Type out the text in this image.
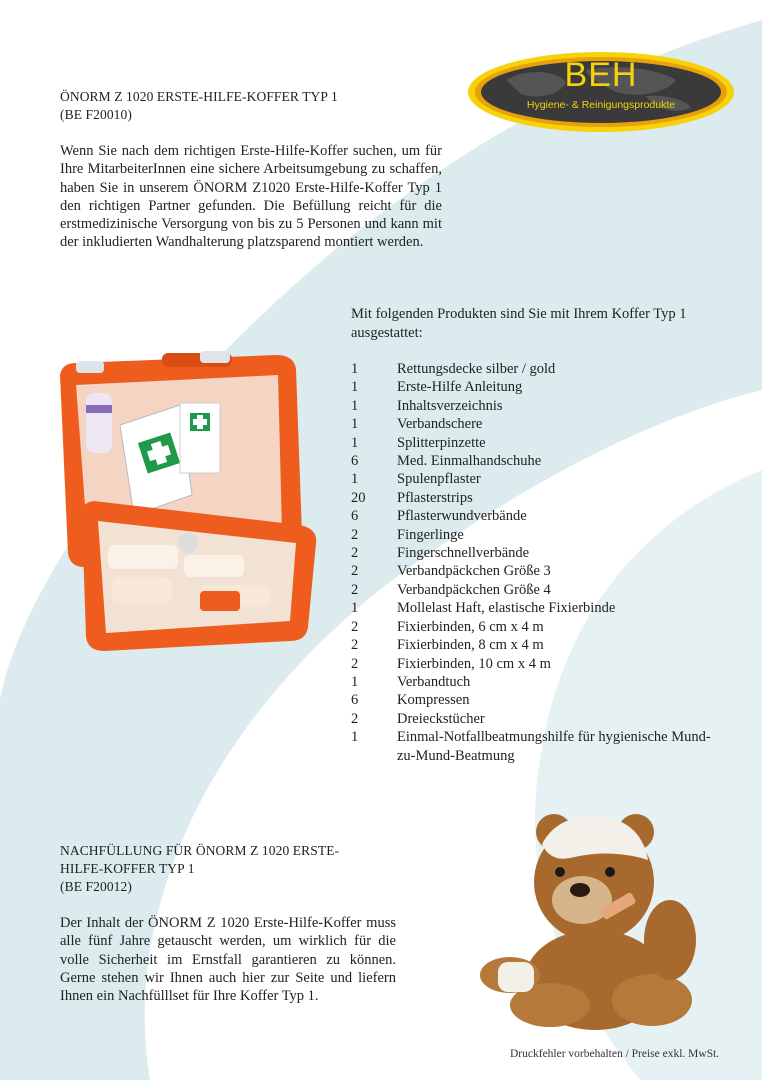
BEH
Hygiene- & Reinigungsprodukte
ÖNORM Z 1020 ERSTE-HILFE-KOFFER TYP 1
(BE F20010)
Wenn Sie nach dem richtigen Erste-Hilfe-Koffer suchen, um für Ihre MitarbeiterInnen eine sichere Arbeitsumgebung zu schaffen, haben Sie in unserem ÖNORM Z1020 Erste-Hilfe-Koffer Typ 1 den richtigen Partner gefunden. Die Befüllung reicht für die erstmedizinische Versorgung von bis zu 5 Personen und kann mit der inkludierten Wandhalterung platzsparend montiert werden.
Mit folgenden Produkten sind Sie mit Ihrem Koffer Typ 1 ausgestattet:
1	Rettungsdecke silber / gold
1	Erste-Hilfe Anleitung
1	Inhaltsverzeichnis
1	Verbandschere
1	Splitterpinzette
6	Med. Einmalhandschuhe
1	Spulenpflaster
20	Pflasterstrips
6	Pflasterwundverbände
2	Fingerlinge
2	Fingerschnellverbände
2	Verbandpäckchen Größe 3
2	Verbandpäckchen Größe 4
1	Mollelast Haft, elastische Fixierbinde
2	Fixierbinden, 6 cm x 4 m
2	Fixierbinden, 8 cm x 4 m
2	Fixierbinden, 10 cm x 4 m
1	Verbandtuch
6	Kompressen
2	Dreieckstücher
1	Einmal-Notfallbeatmungshilfe für hygienische Mund-zu-Mund-Beatmung
NACHFÜLLUNG FÜR ÖNORM Z 1020 ERSTE-HILFE-KOFFER TYP 1
(BE F20012)
Der Inhalt der ÖNORM Z 1020 Erste-Hilfe-Koffer muss alle fünf Jahre getauscht werden, um wirklich für die volle Sicherheit im Ernstfall garantieren zu können. Gerne stehen wir Ihnen auch hier zur Seite und liefern Ihnen ein Nachfülllset für Ihre Koffer Typ 1.
Druckfehler vorbehalten / Preise exkl. MwSt.
